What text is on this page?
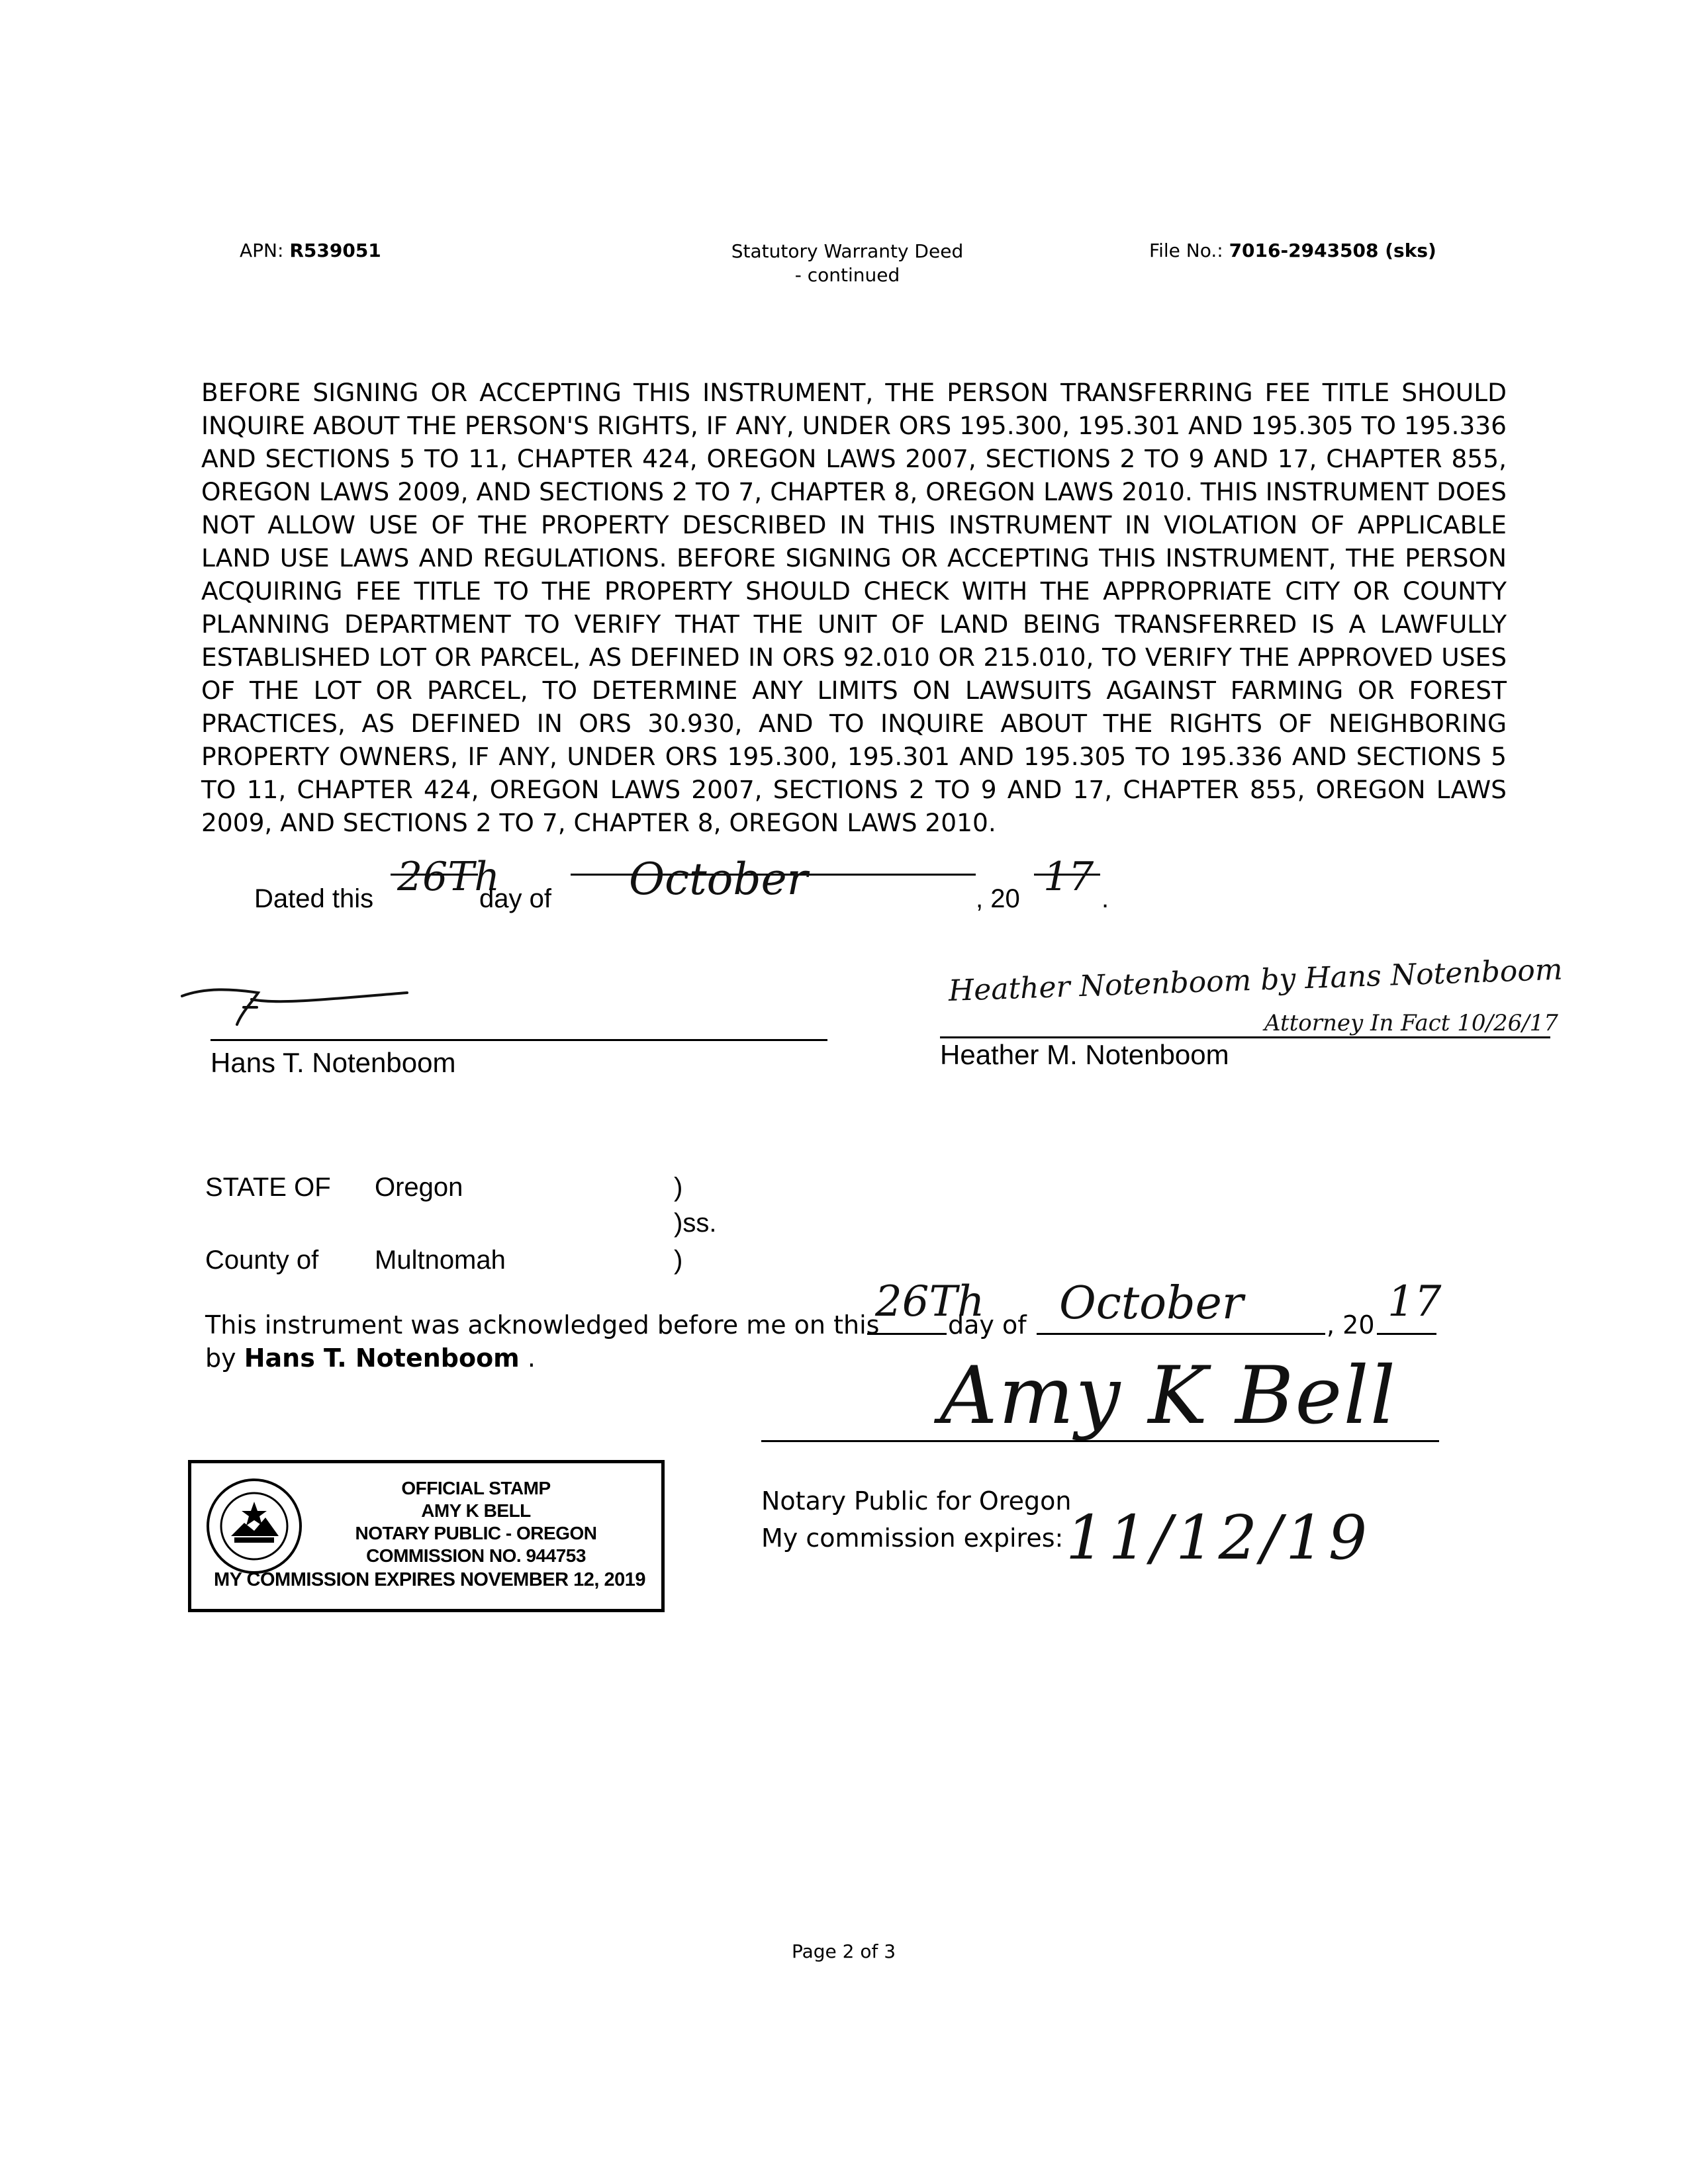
APN: R539051	Statutory Warranty Deed
- continued
File No.: 7016-2943508 (sks)
BEFORE SIGNING OR ACCEPTING THIS INSTRUMENT, THE PERSON TRANSFERRING FEE TITLE SHOULD INQUIRE ABOUT THE PERSON'S RIGHTS, IF ANY, UNDER ORS 195.300, 195.301 AND 195.305 TO 195.336 AND SECTIONS 5 TO 11, CHAPTER 424, OREGON LAWS 2007, SECTIONS 2 TO 9 AND 17, CHAPTER 855, OREGON LAWS 2009, AND SECTIONS 2 TO 7, CHAPTER 8, OREGON LAWS 2010. THIS INSTRUMENT DOES NOT ALLOW USE OF THE PROPERTY DESCRIBED IN THIS INSTRUMENT IN VIOLATION OF APPLICABLE LAND USE LAWS AND REGULATIONS. BEFORE SIGNING OR ACCEPTING THIS INSTRUMENT, THE PERSON ACQUIRING FEE TITLE TO THE PROPERTY SHOULD CHECK WITH THE APPROPRIATE CITY OR COUNTY PLANNING DEPARTMENT TO VERIFY THAT THE UNIT OF LAND BEING TRANSFERRED IS A LAWFULLY ESTABLISHED LOT OR PARCEL, AS DEFINED IN ORS 92.010 OR 215.010, TO VERIFY THE APPROVED USES OF THE LOT OR PARCEL, TO DETERMINE ANY LIMITS ON LAWSUITS AGAINST FARMING OR FOREST PRACTICES, AS DEFINED IN ORS 30.930, AND TO INQUIRE ABOUT THE RIGHTS OF NEIGHBORING PROPERTY OWNERS, IF ANY, UNDER ORS 195.300, 195.301 AND 195.305 TO 195.336 AND SECTIONS 5 TO 11, CHAPTER 424, OREGON LAWS 2007, SECTIONS 2 TO 9 AND 17, CHAPTER 855, OREGON LAWS 2009, AND SECTIONS 2 TO 7, CHAPTER 8, OREGON LAWS 2010.
Dated this 26Th
day of October	, 20 17 .
Hans T. Notenboom
Heather Notenboom by Hans Notenboom
Attorney In Fact 10/26/17
Heather M. Notenboom
STATE OF Oregon	)
)ss.
County of Multnomah	)
This instrument was acknowledged before me on this
26Th
day of October	, 20 17
by Hans T. Notenboom .	Amy K Bell
OFFICIAL STAMP
AMY K BELL
NOTARY PUBLIC - OREGON
COMMISSION NO. 944753
MY COMMISSION EXPIRES NOVEMBER 12, 2019
Notary Public for Oregon
My commission expires: 11/12/19
Page 2 of 3
